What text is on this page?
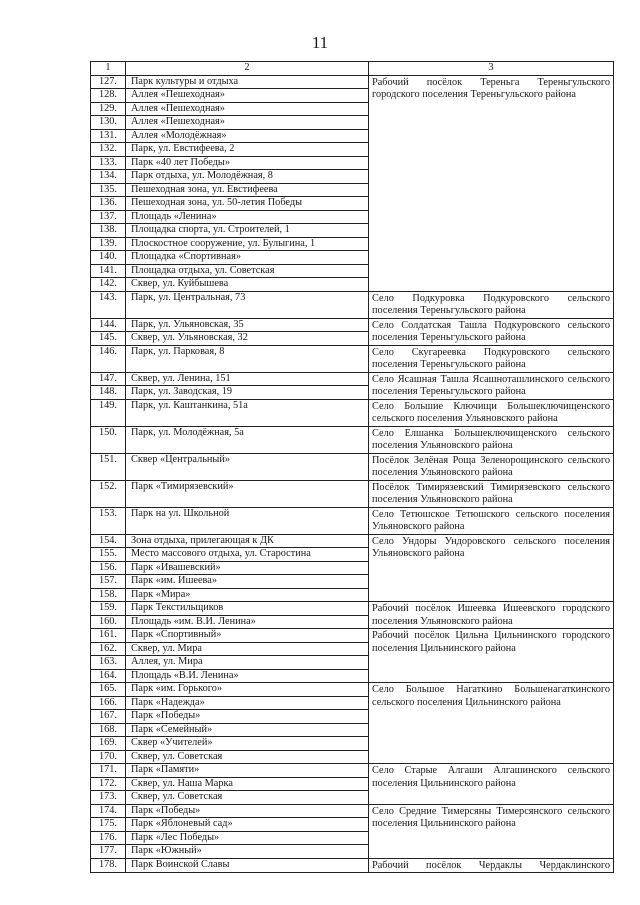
11
1	2	3
127.	Парк культуры и отдыха	Рабочий посёлок Тереньга Тереньгульского городского поселения Тереньгульского района
128.	Аллея «Пешеходная»	
129.	Аллея «Пешеходная»	
130.	Аллея «Пешеходная»	
131.	Аллея «Молодёжная»	
132.	Парк, ул. Евстифеева, 2	
133.	Парк «40 лет Победы»	
134.	Парк отдыха, ул. Молодёжная, 8	
135.	Пешеходная зона, ул. Евстифеева	
136.	Пешеходная зона, ул. 50-летия Победы	
137.	Площадь «Ленина»	
138.	Площадка спорта, ул. Строителей, 1	
139.	Плоскостное сооружение, ул. Булыгина, 1	
140.	Площадка «Спортивная»	
141.	Площадка отдыха, ул. Советская	
142.	Сквер, ул. Куйбышева	
143.	Парк, ул. Центральная, 73	Село Подкуровка Подкуровского сельского поселения Тереньгульского района
144.	Парк, ул. Ульяновская, 35	Село Солдатская Ташла Подкуровского сельского поселения Тереньгульского района
145.	Сквер, ул. Ульяновская, 32	
146.	Парк, ул. Парковая, 8	Село Скугареевка Подкуровского сельского поселения Тереньгульского района
147.	Сквер, ул. Ленина, 151	Село Ясашная Ташла Ясашноташлинского сельского поселения Тереньгульского района
148.	Парк, ул. Заводская, 19	
149.	Парк, ул. Каштанкина, 51а	Село Большие Ключищи Большеключищенского сельского поселения Ульяновского района
150.	Парк, ул. Молодёжная, 5а	Село Елшанка Большеключищенского сельского поселения Ульяновского района
151.	Сквер «Центральный»	Посёлок Зелёная Роща Зеленорощинского сельского поселения Ульяновского района
152.	Парк «Тимирязевский»	Посёлок Тимирязевский Тимирязевского сельского поселения Ульяновского района
153.	Парк на ул. Школьной	Село Тетюшское Тетюшского сельского поселения Ульяновского района
154.	Зона отдыха, прилегающая к ДК	Село Ундоры Ундоровского сельского поселения Ульяновского района
155.	Место массового отдыха, ул. Старостина	
156.	Парк «Ивашевский»	
157.	Парк «им. Ишеева»	
158.	Парк «Мира»	
159.	Парк Текстильщиков	Рабочий посёлок Ишеевка Ишеевского городского поселения Ульяновского района
160.	Площадь «им. В.И. Ленина»	
161.	Парк «Спортивный»	Рабочий посёлок Цильна Цильнинского городского поселения Цильнинского района
162.	Сквер, ул. Мира	
163.	Аллея, ул. Мира	
164.	Площадь «В.И. Ленина»	
165.	Парк «им. Горького»	Село Большое Нагаткино Большенагаткинского сельского поселения Цильнинского района
166.	Парк «Надежда»	
167.	Парк «Победы»	
168.	Парк «Семейный»	
169.	Сквер «Учителей»	
170.	Сквер, ул. Советская	
171.	Парк «Памяти»	Село Старые Алгаши Алгашинского сельского поселения Цильнинского района
172.	Сквер, ул. Наша Марка	
173.	Сквер, ул. Советская	
174.	Парк «Победы»	Село Средние Тимерсяны Тимерсянского сельского поселения Цильнинского района
175.	Парк «Яблоневый сад»	
176.	Парк «Лес Победы»	
177.	Парк «Южный»	
178.	Парк Воинской Славы	Рабочий посёлок Чердаклы Чердаклинского
